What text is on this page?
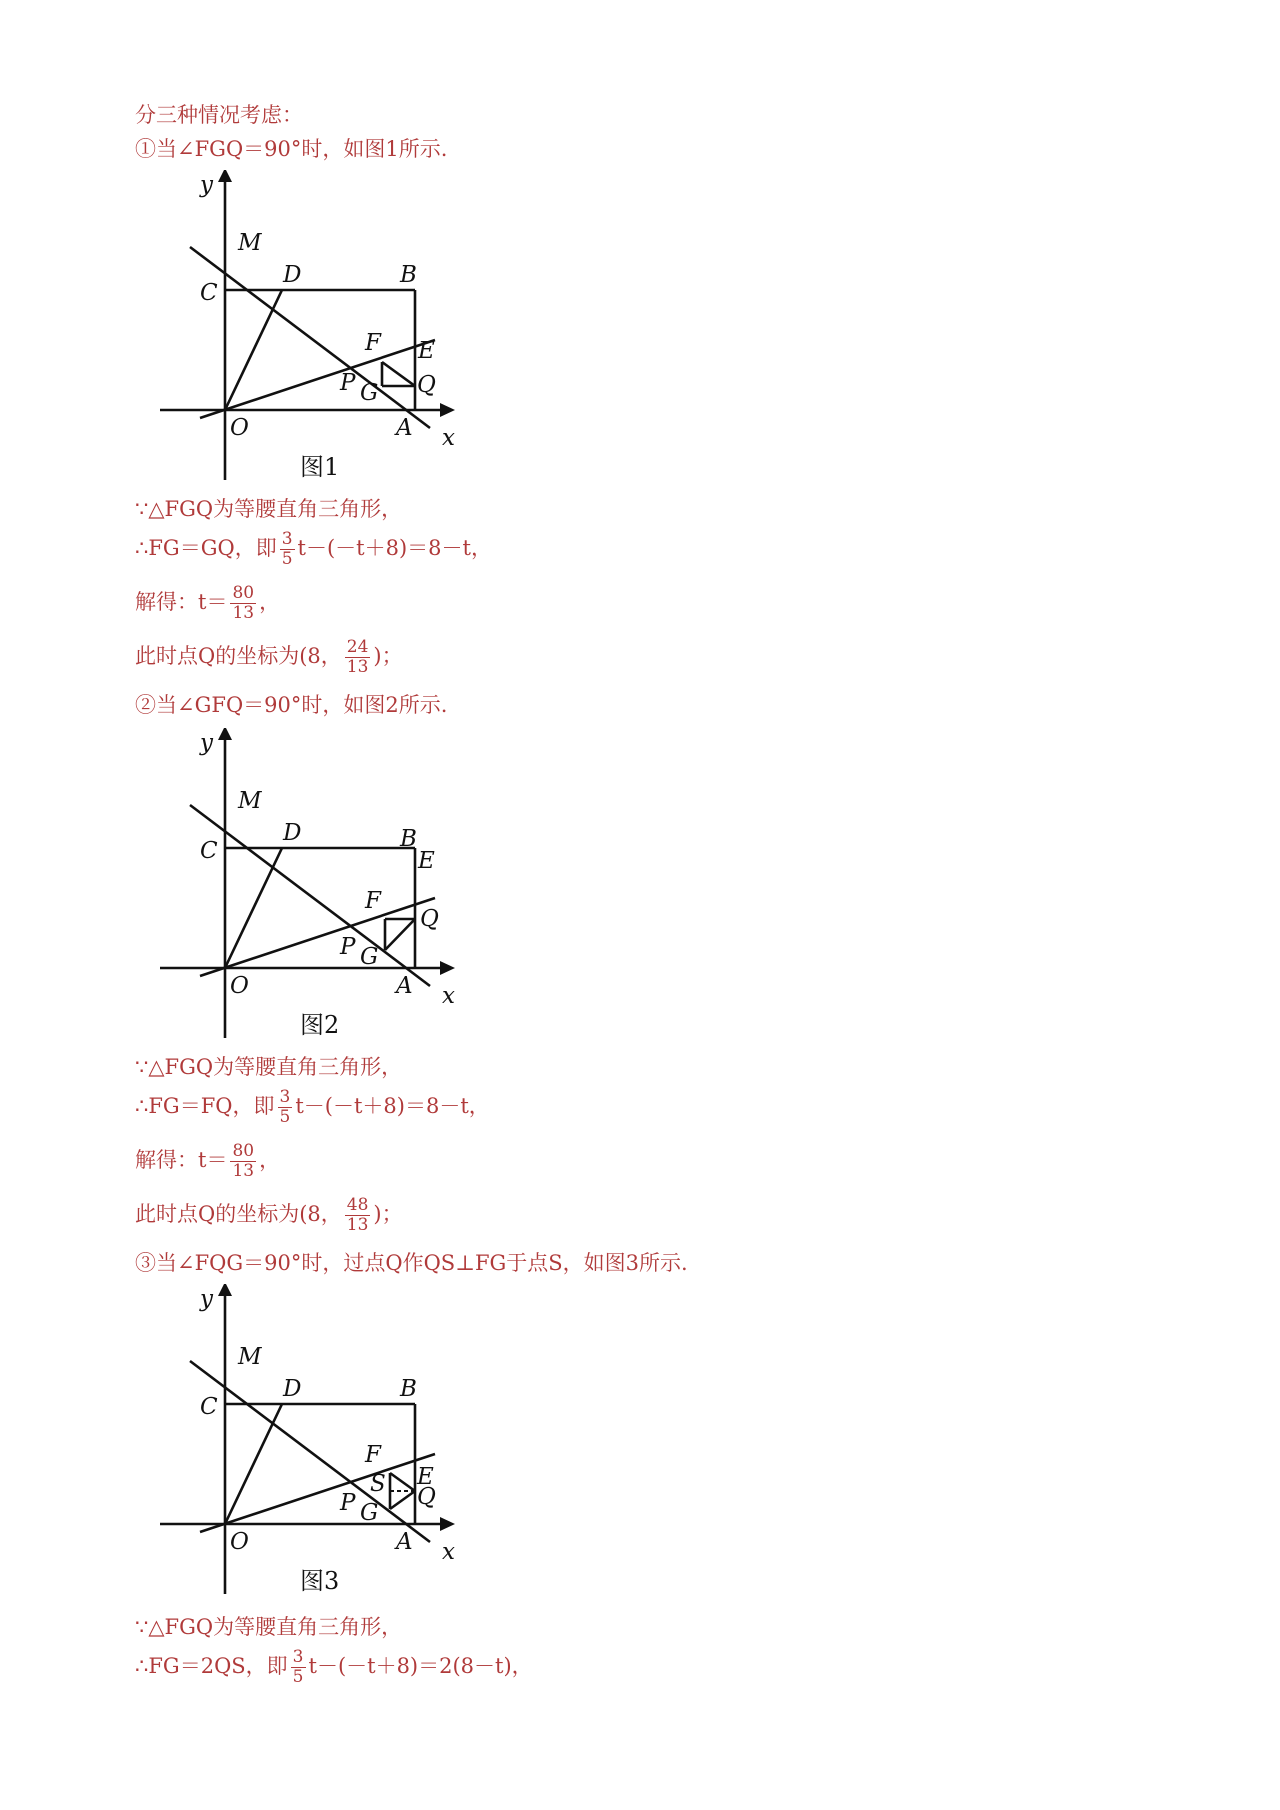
分三种情况考虑：
①当∠FGQ＝90°时，如图1所示.
y
x
O	A
B
C
D
M
E
F
G
P	Q
图1
∵△FGQ为等腰直角三角形，
∴FG＝GQ，即 $\frac{3}{5} t-(-t+8)=8-t$，
解得：$t= \frac{80}{13}$ ，
此时点Q的坐标为(8， $\frac{24}{13}$ )；
②当∠GFQ＝90°时，如图2所示.
y
x
O	A
B
C
D
M
E
F
G
P
Q
图2
∵△FGQ为等腰直角三角形，
∴FG＝FQ，即 $\frac{3}{5} t-(-t+8)=8-t$，
解得：$t= \frac{80}{13}$ ，
此时点Q的坐标为(8， $\frac{48}{13}$ )；
③当∠FQG＝90°时，过点Q作QS⊥FG于点S，如图3所示.
y
x
O	A
B
C
D
M
E
F
G
P	Q
S
图3
∵△FGQ为等腰直角三角形，
∴FG＝2QS，即 $\frac{3}{5} t-(-t+8)=2(8-t)$，
